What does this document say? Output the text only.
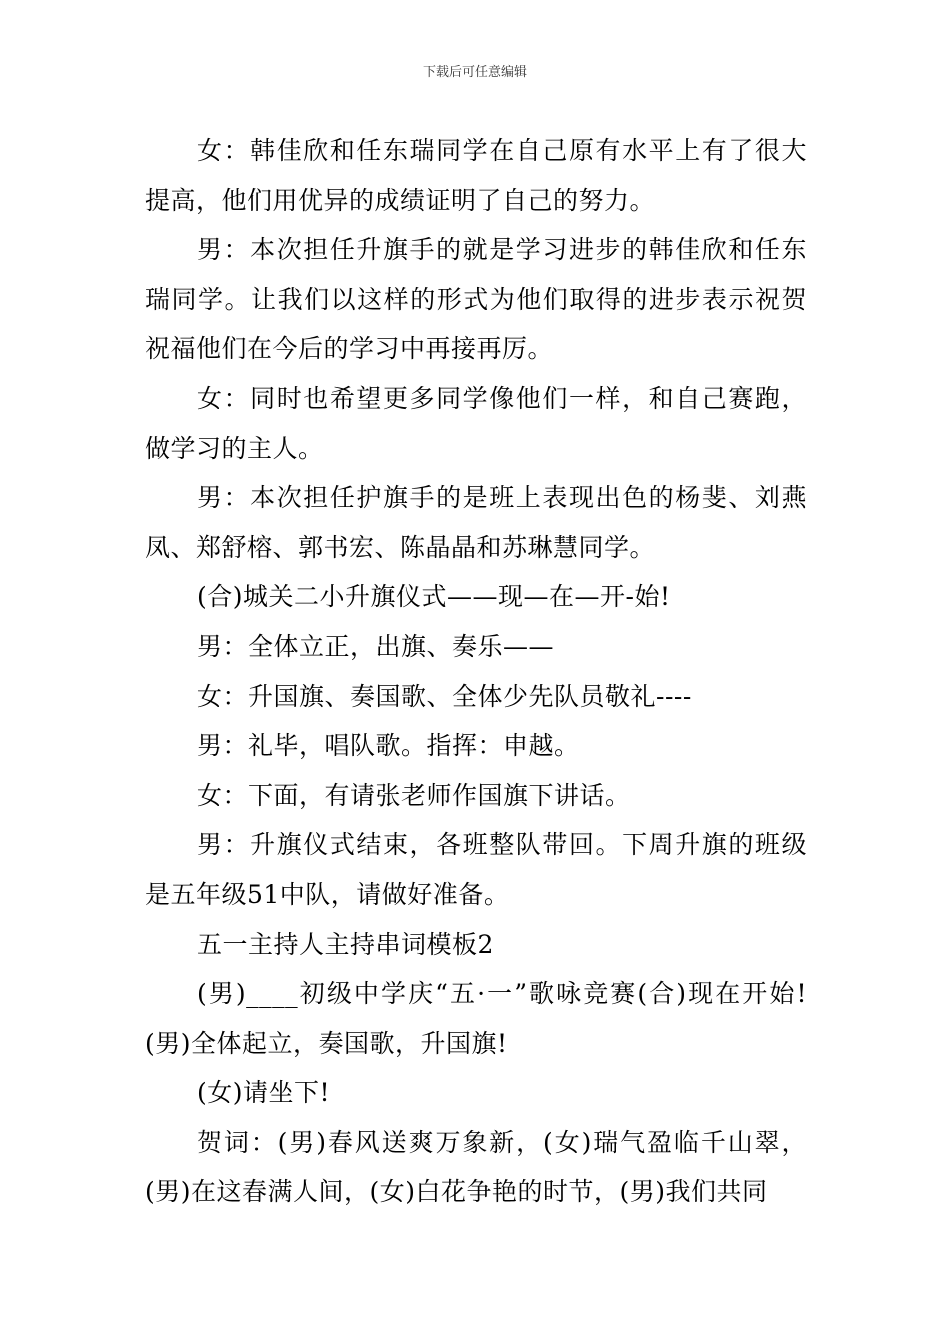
下载后可任意编辑

女：韩佳欣和任东瑞同学在自己原有水平上有了很大提高，他们用优异的成绩证明了自己的努力。

男：本次担任升旗手的就是学习进步的韩佳欣和任东瑞同学。让我们以这样的形式为他们取得的进步表示祝贺祝福他们在今后的学习中再接再厉。

女：同时也希望更多同学像他们一样，和自己赛跑，做学习的主人。

男：本次担任护旗手的是班上表现出色的杨斐、刘燕凤、郑舒榕、郭书宏、陈晶晶和苏琳慧同学。

(合)城关二小升旗仪式——现—在—开-始!

男：全体立正，出旗、奏乐——

女：升国旗、奏国歌、全体少先队员敬礼----

男：礼毕，唱队歌。指挥：申越。

女：下面，有请张老师作国旗下讲话。

男：升旗仪式结束，各班整队带回。下周升旗的班级是五年级51中队，请做好准备。

五一主持人主持串词模板2

(男)____初级中学庆“五·一”歌咏竞赛(合)现在开始!(男)全体起立，奏国歌，升国旗!

(女)请坐下!

贺词：(男)春风送爽万象新，(女)瑞气盈临千山翠，(男)在这春满人间，(女)白花争艳的时节，(男)我们共同
